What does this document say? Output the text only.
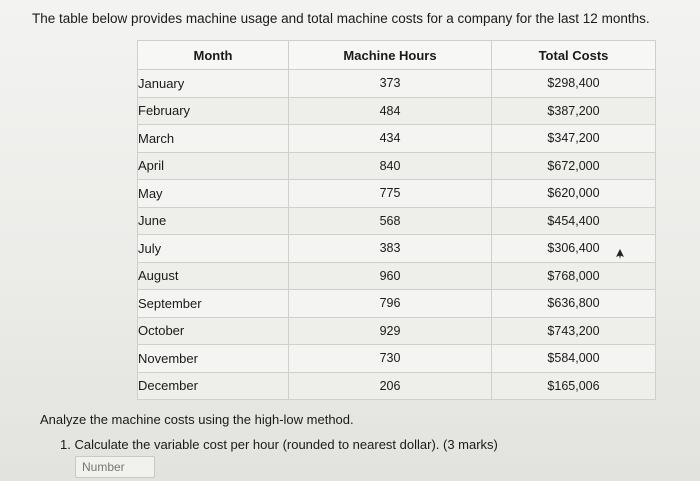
The table below provides machine usage and total machine costs for a company for the last 12 months.
Month	Machine Hours	Total Costs
January	373	$298,400
February	484	$387,200
March	434	$347,200
April	840	$672,000
May	775	$620,000
June	568	$454,400
July	383	$306,400
August	960	$768,000
September	796	$636,800
October	929	$743,200
November	730	$584,000
December	206	$165,006
Analyze the machine costs using the high-low method.
1. Calculate the variable cost per hour (rounded to nearest dollar). (3 marks)
Number
